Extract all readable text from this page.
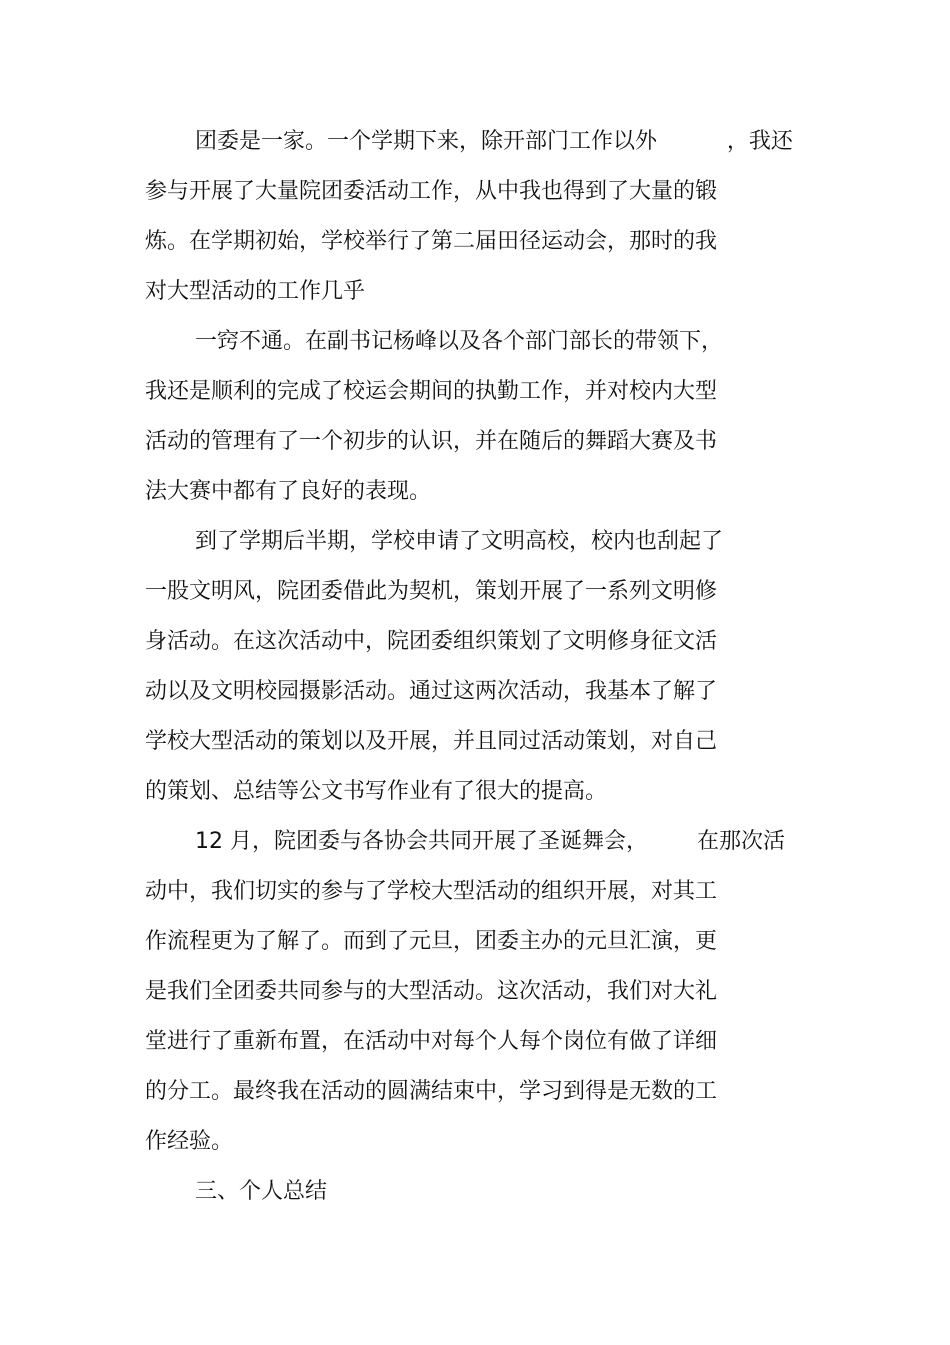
团委是一家。一个学期下来，除开部门工作以外          ，我还
参与开展了大量院团委活动工作，从中我也得到了大量的锻
炼。在学期初始，学校举行了第二届田径运动会，那时的我
对大型活动的工作几乎
一窍不通。在副书记杨峰以及各个部门部长的带领下，
我还是顺利的完成了校运会期间的执勤工作，并对校内大型
活动的管理有了一个初步的认识，并在随后的舞蹈大赛及书
法大赛中都有了良好的表现。
到了学期后半期，学校申请了文明高校，校内也刮起了
一股文明风，院团委借此为契机，策划开展了一系列文明修
身活动。在这次活动中，院团委组织策划了文明修身征文活
动以及文明校园摄影活动。通过这两次活动，我基本了解了
学校大型活动的策划以及开展，并且同过活动策划，对自己
的策划、总结等公文书写作业有了很大的提高。
12 月，院团委与各协会共同开展了圣诞舞会，       在那次活
动中，我们切实的参与了学校大型活动的组织开展，对其工
作流程更为了解了。而到了元旦，团委主办的元旦汇演，更
是我们全团委共同参与的大型活动。这次活动，我们对大礼
堂进行了重新布置，在活动中对每个人每个岗位有做了详细
的分工。最终我在活动的圆满结束中，学习到得是无数的工
作经验。
三、个人总结
